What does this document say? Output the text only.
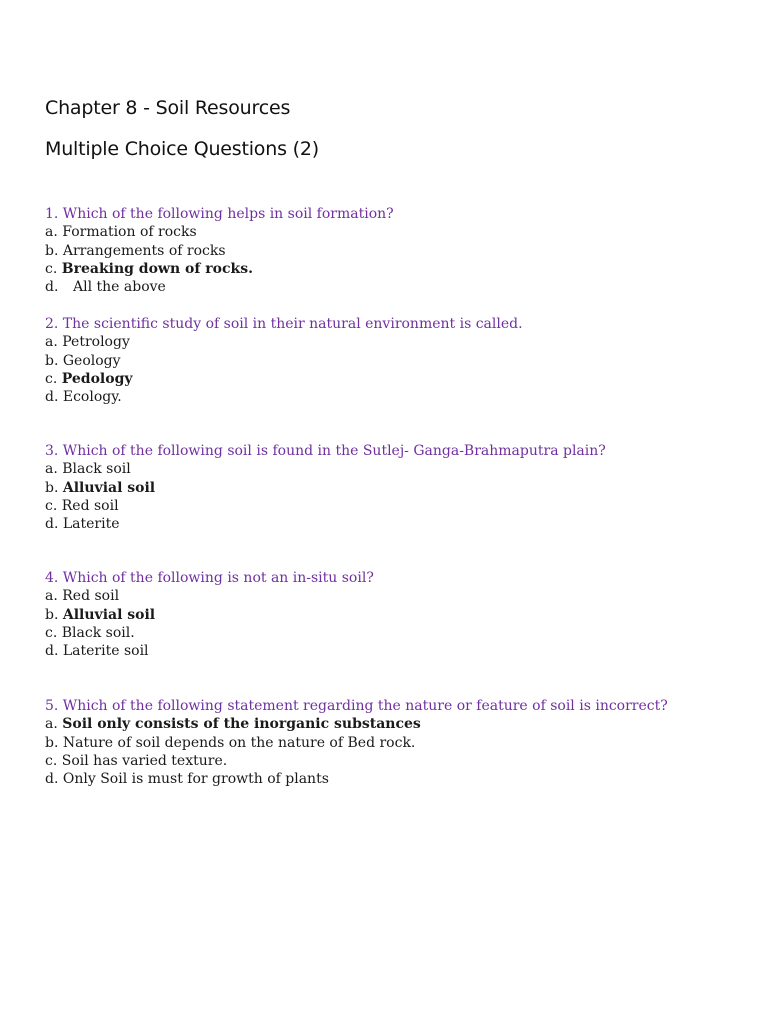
Chapter 8 - Soil Resources
Multiple Choice Questions (2)
1. Which of the following helps in soil formation?
a. Formation of rocks
b. Arrangements of rocks
c. Breaking down of rocks.
d. All the above
2. The scientific study of soil in their natural environment is called.
a. Petrology
b. Geology
c. Pedology
d. Ecology.
3. Which of the following soil is found in the Sutlej- Ganga-Brahmaputra plain?
a. Black soil
b. Alluvial soil
c. Red soil
d. Laterite
4. Which of the following is not an in-situ soil?
a. Red soil
b. Alluvial soil
c. Black soil.
d. Laterite soil
5. Which of the following statement regarding the nature or feature of soil is incorrect?
a. Soil only consists of the inorganic substances
b. Nature of soil depends on the nature of Bed rock.
c. Soil has varied texture.
d. Only Soil is must for growth of plants
